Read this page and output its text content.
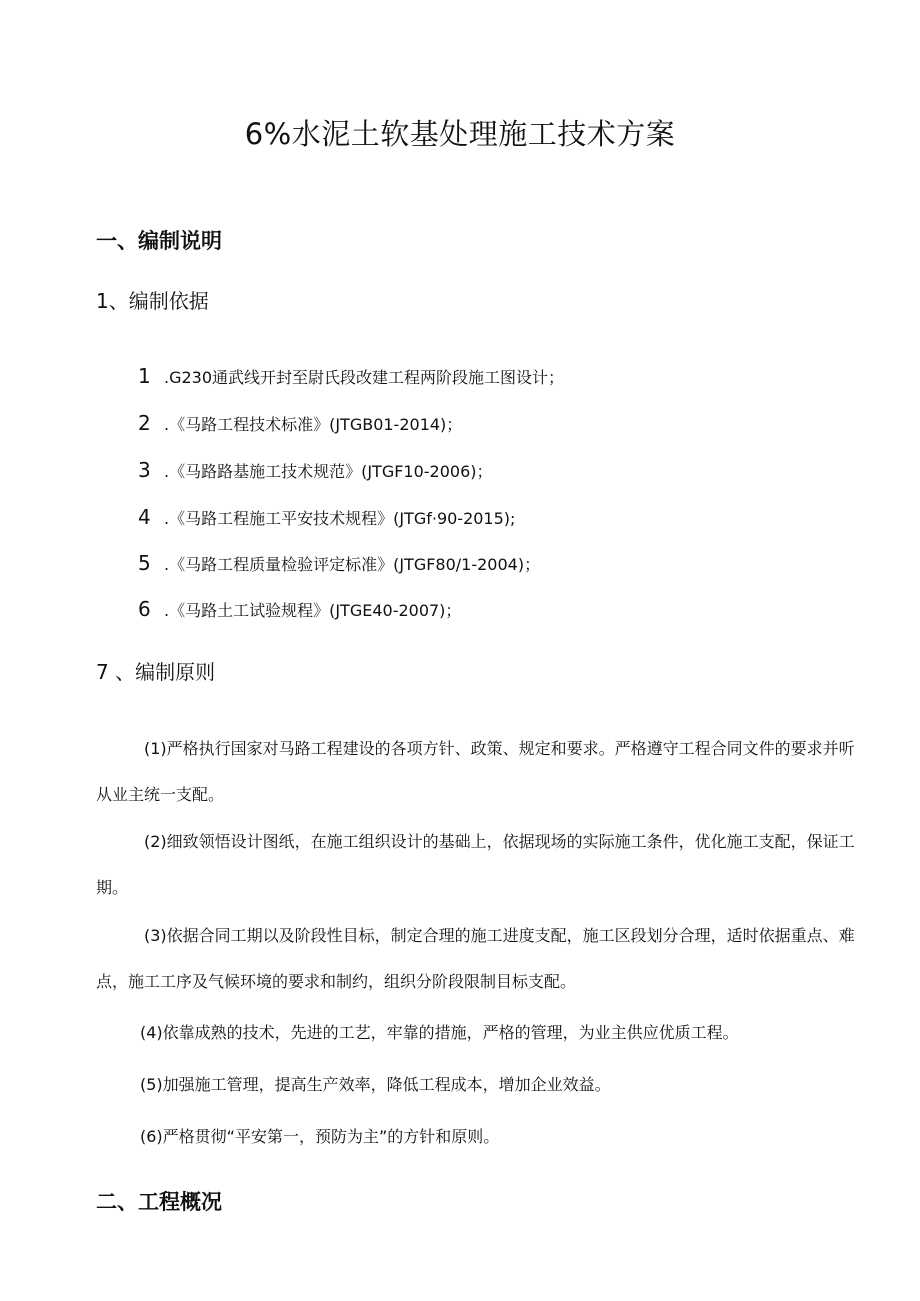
6%水泥土软基处理施工技术方案
一、编制说明
1、编制依据
1 .G230通武线开封至尉氏段改建工程两阶段施工图设计；
2 .《马路工程技术标准》(JTGB01-2014)；
3 .《马路路基施工技术规范》(JTGF10-2006)；
4 .《马路工程施工平安技术规程》(JTGf·90-2015);
5 .《马路工程质量检验评定标准》(JTGF80/1-2004)；
6 .《马路土工试验规程》(JTGE40-2007)；
7 、编制原则
(1)严格执行国家对马路工程建设的各项方针、政策、规定和要求。严格遵守工程合同文件的要求并听从业主统一支配。
(2)细致领悟设计图纸，在施工组织设计的基础上，依据现场的实际施工条件，优化施工支配，保证工期。
(3)依据合同工期以及阶段性目标，制定合理的施工进度支配，施工区段划分合理，适时依据重点、难点，施工工序及气候环境的要求和制约，组织分阶段限制目标支配。
(4)依靠成熟的技术，先进的工艺，牢靠的措施，严格的管理，为业主供应优质工程。
(5)加强施工管理，提高生产效率，降低工程成本，增加企业效益。
(6)严格贯彻“平安第一，预防为主”的方针和原则。
二、工程概况
